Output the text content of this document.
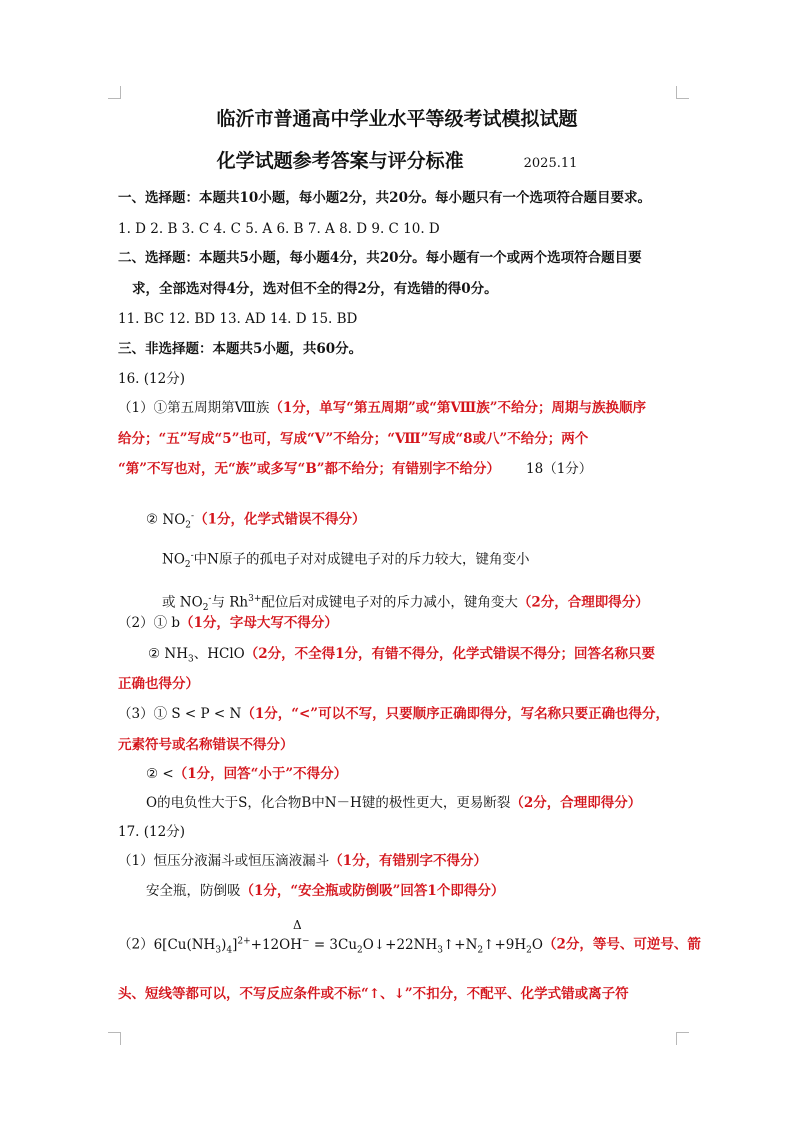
临沂市普通高中学业水平等级考试模拟试题
化学试题参考答案与评分标准	2025.11
一、选择题：本题共10小题，每小题2分，共20分。每小题只有一个选项符合题目要求。
1. D 2. B 3. C 4. C 5. A 6. B 7. A 8. D 9. C 10. D
二、选择题：本题共5小题，每小题4分，共20分。每小题有一个或两个选项符合题目要
求，全部选对得4分，选对但不全的得2分，有选错的得0分。
11. BC 12. BD 13. AD 14. D 15. BD
三、非选择题：本题共5小题，共60分。
16. (12分)
（1）①第五周期第Ⅷ族（1分，单写“第五周期”或“第Ⅷ族”不给分；周期与族换顺序
给分；“五”写成“5”也可，写成“V”不给分；“Ⅷ”写成“8或八”不给分；两个
“第”不写也对，无“族”或多写“B”都不给分；有错别字不给分） 18（1分）
② $NO_2^-(1$分，化学式错误不得分）
$NO_2^-$中N原子的孤电子对对成键电子对的斥力较大，键角变小
或 $NO_2^-$与 $Rh^{3+}$配位后对成键电子对的斥力减小，键角变大（2分，合理即得分）
（2）① b（1分，字母大写不得分）
② $NH_3$、HClO（2分，不全得1分，有错不得分，化学式错误不得分；回答名称只要
正确也得分）
（3）① S < P < N（1分，“<”可以不写，只要顺序正确即得分，写名称只要正确也得分，
元素符号或名称错误不得分）
② <（1分，回答“小于”不得分）
O的电负性大于S，化合物B中N－H键的极性更大，更易断裂（2分，合理即得分）
17. (12分)
（1）恒压分液漏斗或恒压滴液漏斗（1分，有错别字不得分）
安全瓶，防倒吸（1分，“安全瓶或防倒吸”回答1个即得分）
Δ
$(2)6[Cu(NH_3)_4]^{2+}+12OH^-$ = $3Cu_2O↓+22NH_3↑+N_2↑+9H_2O(2$分，等号、可逆号、箭
头、短线等都可以，不写反应条件或不标“↑、↓”不扣分，不配平、化学式错或离子符
